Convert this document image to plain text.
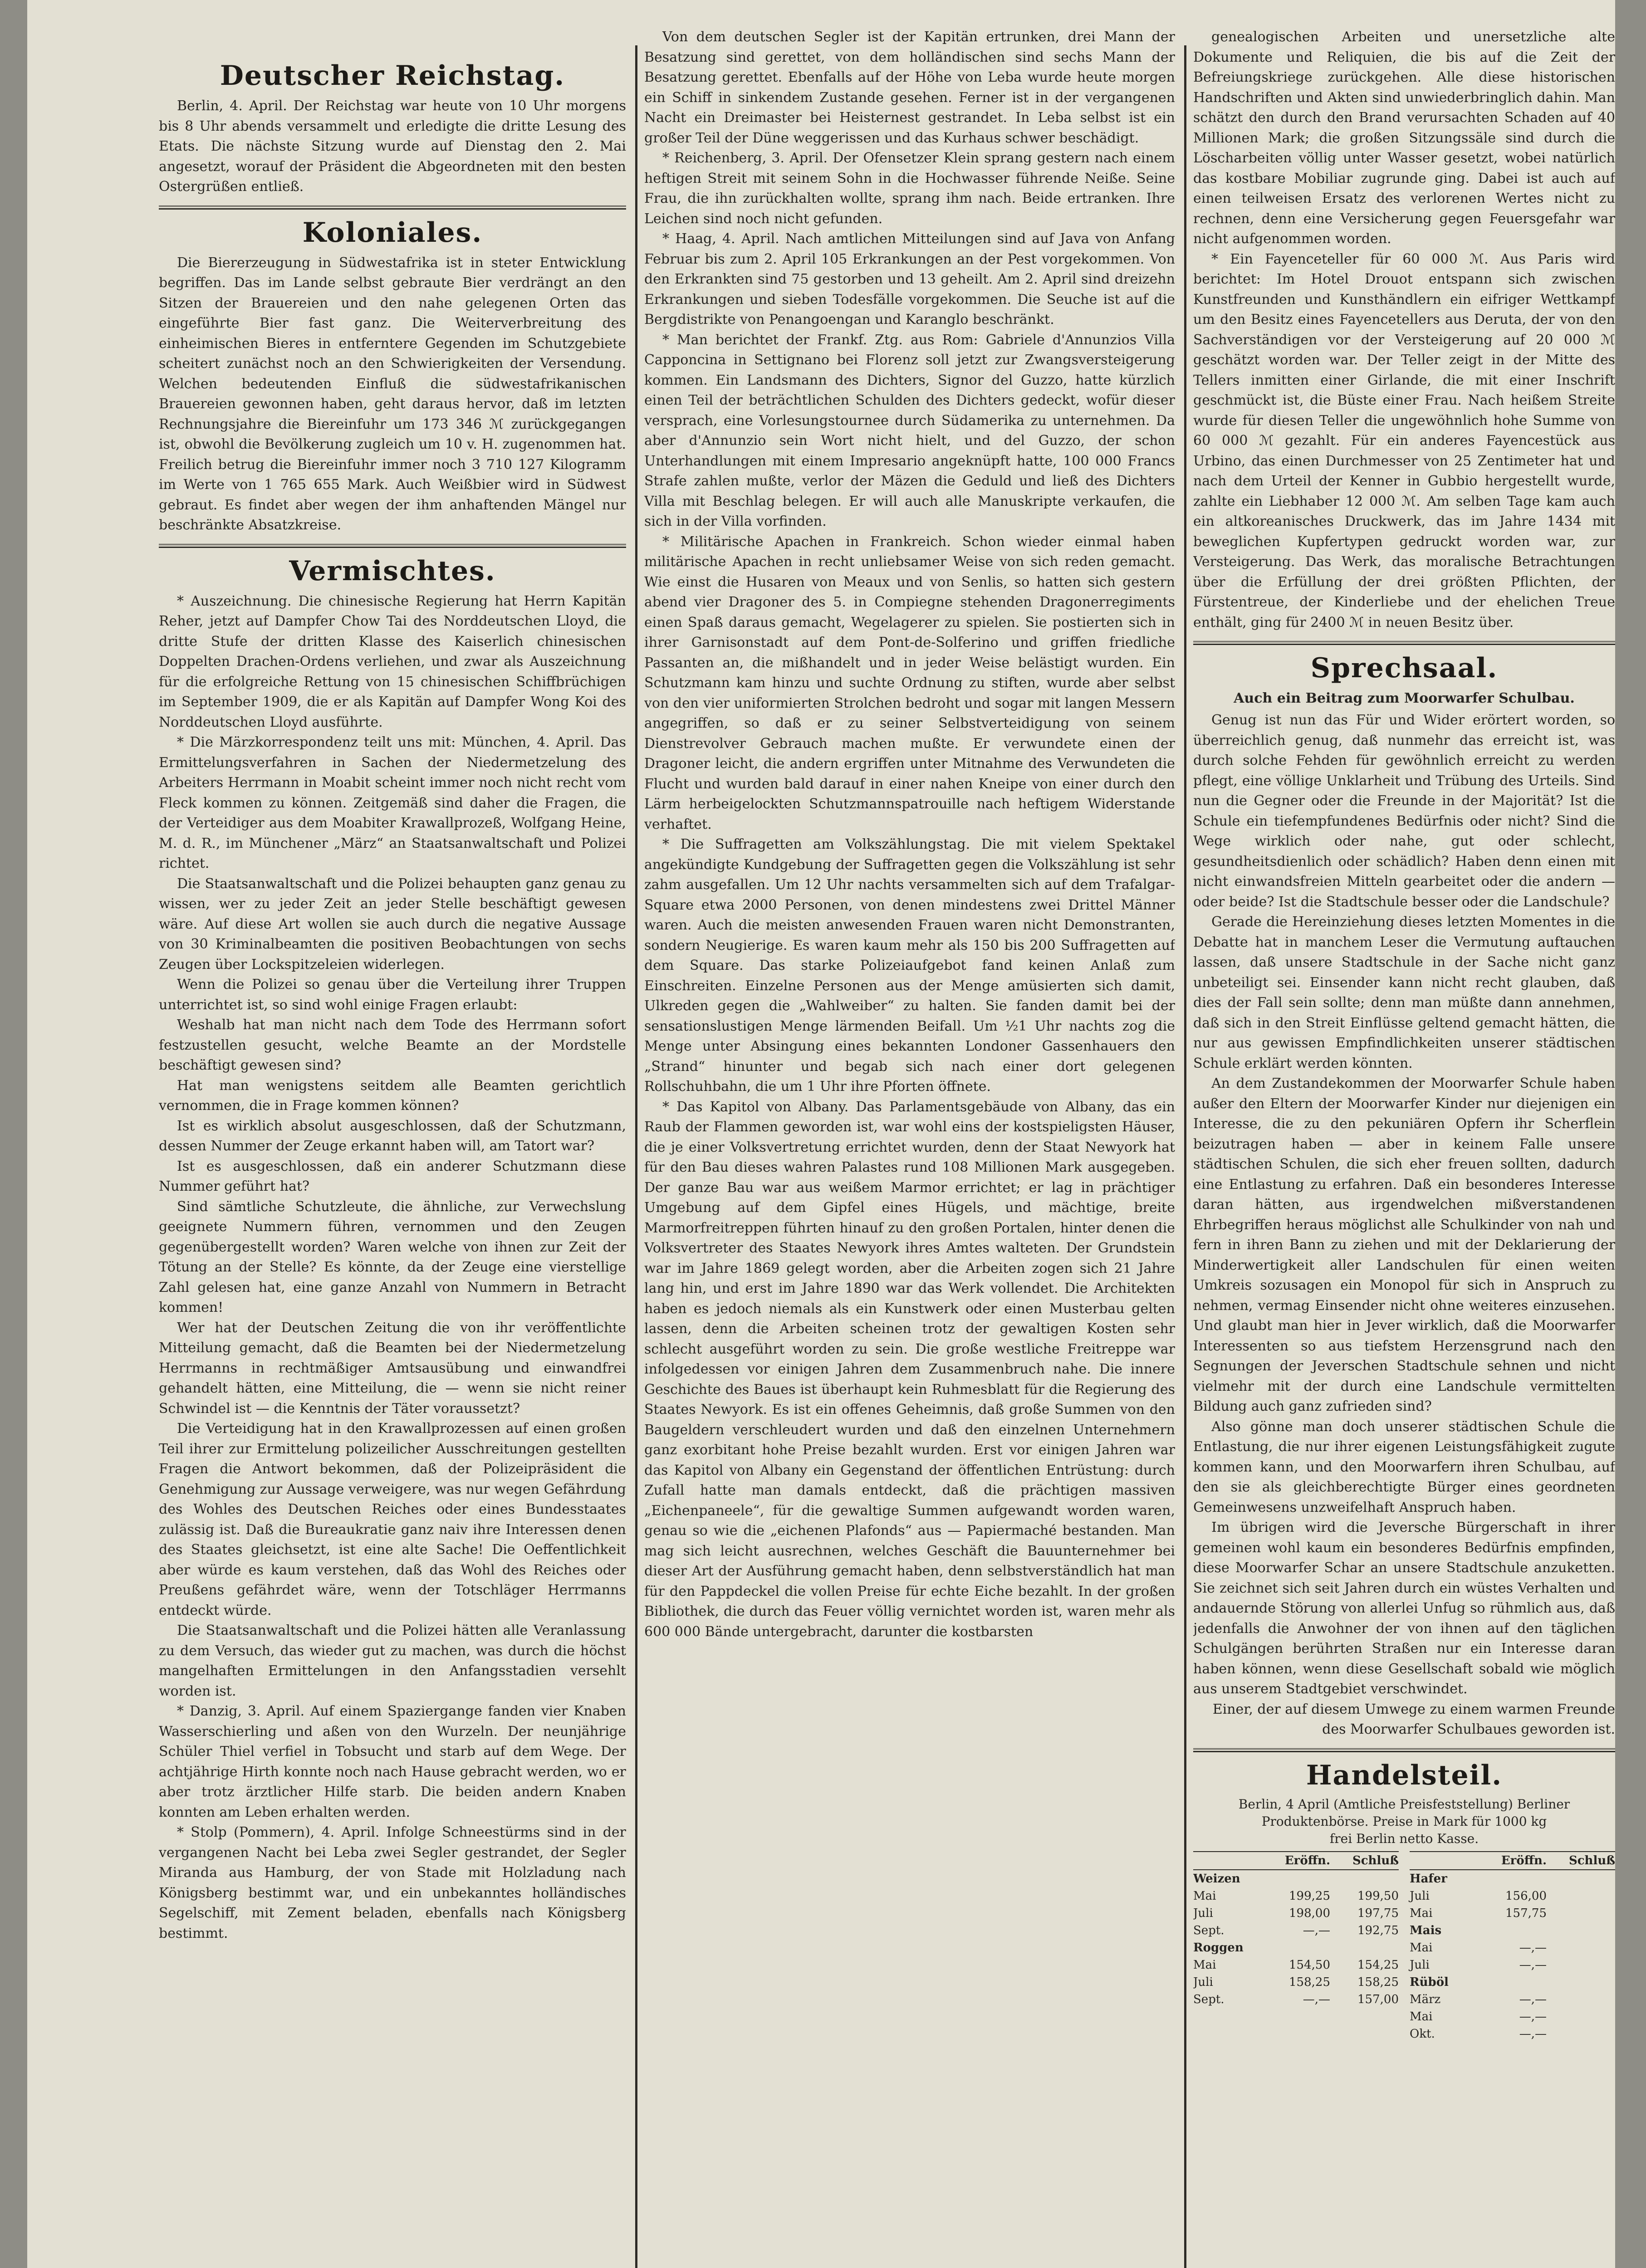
Deutscher Reichstag.

Berlin, 4. April. Der Reichstag war heute von 10 Uhr morgens bis 8 Uhr abends versammelt und erledigte die dritte Lesung des Etats. Die nächste Sitzung wurde auf Dienstag den 2. Mai angesetzt, worauf der Präsident die Abgeordneten mit den besten Ostergrüßen entließ.

Koloniales.

Die Biererzeugung in Südwestafrika ist in steter Entwicklung begriffen. Das im Lande selbst gebraute Bier verdrängt an den Sitzen der Brauereien und den nahe gelegenen Orten das eingeführte Bier fast ganz. Die Weiterverbreitung des einheimischen Bieres in entferntere Gegenden im Schutzgebiete scheitert zunächst noch an den Schwierigkeiten der Versendung. Welchen bedeutenden Einfluß die südwestafrikanischen Brauereien gewonnen haben, geht daraus hervor, daß im letzten Rechnungsjahre die Biereinfuhr um 173 346 ℳ zurückgegangen ist, obwohl die Bevölkerung zugleich um 10 v. H. zugenommen hat. Freilich betrug die Biereinfuhr immer noch 3 710 127 Kilogramm im Werte von 1 765 655 Mark. Auch Weißbier wird in Südwest gebraut. Es findet aber wegen der ihm anhaftenden Mängel nur beschränkte Absatzkreise.

Vermischtes.

* Auszeichnung. Die chinesische Regierung hat Herrn Kapitän Reher, jetzt auf Dampfer Chow Tai des Norddeutschen Lloyd, die dritte Stufe der dritten Klasse des Kaiserlich chinesischen Doppelten Drachen-Ordens verliehen, und zwar als Auszeichnung für die erfolgreiche Rettung von 15 chinesischen Schiffbrüchigen im September 1909, die er als Kapitän auf Dampfer Wong Koi des Norddeutschen Lloyd ausführte.

* Die Märzkorrespondenz teilt uns mit: München, 4. April. Das Ermittelungsverfahren in Sachen der Niedermetzelung des Arbeiters Herrmann in Moabit scheint immer noch nicht recht vom Fleck kommen zu können. Zeitgemäß sind daher die Fragen, die der Verteidiger aus dem Moabiter Krawallprozeß, Wolfgang Heine, M. d. R., im Münchener „März“ an Staatsanwaltschaft und Polizei richtet.

Die Staatsanwaltschaft und die Polizei behaupten ganz genau zu wissen, wer zu jeder Zeit an jeder Stelle beschäftigt gewesen wäre. Auf diese Art wollen sie auch durch die negative Aussage von 30 Kriminalbeamten die positiven Beobachtungen von sechs Zeugen über Lockspitzeleien widerlegen.

Wenn die Polizei so genau über die Verteilung ihrer Truppen unterrichtet ist, so sind wohl einige Fragen erlaubt:

Weshalb hat man nicht nach dem Tode des Herrmann sofort festzustellen gesucht, welche Beamte an der Mordstelle beschäftigt gewesen sind?

Hat man wenigstens seitdem alle Beamten gerichtlich vernommen, die in Frage kommen können?

Ist es wirklich absolut ausgeschlossen, daß der Schutzmann, dessen Nummer der Zeuge erkannt haben will, am Tatort war?

Ist es ausgeschlossen, daß ein anderer Schutzmann diese Nummer geführt hat?

Sind sämtliche Schutzleute, die ähnliche, zur Verwechslung geeignete Nummern führen, vernommen und den Zeugen gegenübergestellt worden? Waren welche von ihnen zur Zeit der Tötung an der Stelle? Es könnte, da der Zeuge eine vierstellige Zahl gelesen hat, eine ganze Anzahl von Nummern in Betracht kommen!

Wer hat der Deutschen Zeitung die von ihr veröffentlichte Mitteilung gemacht, daß die Beamten bei der Niedermetzelung Herrmanns in rechtmäßiger Amtsausübung und einwandfrei gehandelt hätten, eine Mitteilung, die — wenn sie nicht reiner Schwindel ist — die Kenntnis der Täter voraussetzt?

Die Verteidigung hat in den Krawallprozessen auf einen großen Teil ihrer zur Ermittelung polizeilicher Ausschreitungen gestellten Fragen die Antwort bekommen, daß der Polizeipräsident die Genehmigung zur Aussage verweigere, was nur wegen Gefährdung des Wohles des Deutschen Reiches oder eines Bundesstaates zulässig ist. Daß die Bureaukratie ganz naiv ihre Interessen denen des Staates gleichsetzt, ist eine alte Sache! Die Oeffentlichkeit aber würde es kaum verstehen, daß das Wohl des Reiches oder Preußens gefährdet wäre, wenn der Totschläger Herrmanns entdeckt würde.

Die Staatsanwaltschaft und die Polizei hätten alle Veranlassung zu dem Versuch, das wieder gut zu machen, was durch die höchst mangelhaften Ermittelungen in den Anfangsstadien versehlt worden ist.

* Danzig, 3. April. Auf einem Spaziergange fanden vier Knaben Wasserschierling und aßen von den Wurzeln. Der neunjährige Schüler Thiel verfiel in Tobsucht und starb auf dem Wege. Der achtjährige Hirth konnte noch nach Hause gebracht werden, wo er aber trotz ärztlicher Hilfe starb. Die beiden andern Knaben konnten am Leben erhalten werden.

* Stolp (Pommern), 4. April. Infolge Schneestürms sind in der vergangenen Nacht bei Leba zwei Segler gestrandet, der Segler Miranda aus Hamburg, der von Stade mit Holzladung nach Königsberg bestimmt war, und ein unbekanntes holländisches Segelschiff, mit Zement beladen, ebenfalls nach Königsberg bestimmt.

Von dem deutschen Segler ist der Kapitän ertrunken, drei Mann der Besatzung sind gerettet, von dem holländischen sind sechs Mann der Besatzung gerettet. Ebenfalls auf der Höhe von Leba wurde heute morgen ein Schiff in sinkendem Zustande gesehen. Ferner ist in der vergangenen Nacht ein Dreimaster bei Heisternest gestrandet. In Leba selbst ist ein großer Teil der Düne weggerissen und das Kurhaus schwer beschädigt.

* Reichenberg, 3. April. Der Ofensetzer Klein sprang gestern nach einem heftigen Streit mit seinem Sohn in die Hochwasser führende Neiße. Seine Frau, die ihn zurückhalten wollte, sprang ihm nach. Beide ertranken. Ihre Leichen sind noch nicht gefunden.

* Haag, 4. April. Nach amtlichen Mitteilungen sind auf Java von Anfang Februar bis zum 2. April 105 Erkrankungen an der Pest vorgekommen. Von den Erkrankten sind 75 gestorben und 13 geheilt. Am 2. April sind dreizehn Erkrankungen und sieben Todesfälle vorgekommen. Die Seuche ist auf die Bergdistrikte von Penangoengan und Karanglo beschränkt.

* Man berichtet der Frankf. Ztg. aus Rom: Gabriele d'Annunzios Villa Capponcina in Settignano bei Florenz soll jetzt zur Zwangsversteigerung kommen. Ein Landsmann des Dichters, Signor del Guzzo, hatte kürzlich einen Teil der beträchtlichen Schulden des Dichters gedeckt, wofür dieser versprach, eine Vorlesungstournee durch Südamerika zu unternehmen. Da aber d'Annunzio sein Wort nicht hielt, und del Guzzo, der schon Unterhandlungen mit einem Impresario angeknüpft hatte, 100 000 Francs Strafe zahlen mußte, verlor der Mäzen die Geduld und ließ des Dichters Villa mit Beschlag belegen. Er will auch alle Manuskripte verkaufen, die sich in der Villa vorfinden.

* Militärische Apachen in Frankreich. Schon wieder einmal haben militärische Apachen in recht unliebsamer Weise von sich reden gemacht. Wie einst die Husaren von Meaux und von Senlis, so hatten sich gestern abend vier Dragoner des 5. in Compiegne stehenden Dragonerregiments einen Spaß daraus gemacht, Wegelagerer zu spielen. Sie postierten sich in ihrer Garnisonstadt auf dem Pont-de-Solferino und griffen friedliche Passanten an, die mißhandelt und in jeder Weise belästigt wurden. Ein Schutzmann kam hinzu und suchte Ordnung zu stiften, wurde aber selbst von den vier uniformierten Strolchen bedroht und sogar mit langen Messern angegriffen, so daß er zu seiner Selbstverteidigung von seinem Dienstrevolver Gebrauch machen mußte. Er verwundete einen der Dragoner leicht, die andern ergriffen unter Mitnahme des Verwundeten die Flucht und wurden bald darauf in einer nahen Kneipe von einer durch den Lärm herbeigelockten Schutzmannspatrouille nach heftigem Widerstande verhaftet.

* Die Suffragetten am Volkszählungstag. Die mit vielem Spektakel angekündigte Kundgebung der Suffragetten gegen die Volkszählung ist sehr zahm ausgefallen. Um 12 Uhr nachts versammelten sich auf dem Trafalgar-Square etwa 2000 Personen, von denen mindestens zwei Drittel Männer waren. Auch die meisten anwesenden Frauen waren nicht Demonstranten, sondern Neugierige. Es waren kaum mehr als 150 bis 200 Suffragetten auf dem Square. Das starke Polizeiaufgebot fand keinen Anlaß zum Einschreiten. Einzelne Personen aus der Menge amüsierten sich damit, Ulkreden gegen die „Wahlweiber“ zu halten. Sie fanden damit bei der sensationslustigen Menge lärmenden Beifall. Um ½1 Uhr nachts zog die Menge unter Absingung eines bekannten Londoner Gassenhauers den „Strand“ hinunter und begab sich nach einer dort gelegenen Rollschuhbahn, die um 1 Uhr ihre Pforten öffnete.

* Das Kapitol von Albany. Das Parlamentsgebäude von Albany, das ein Raub der Flammen geworden ist, war wohl eins der kostspieligsten Häuser, die je einer Volksvertretung errichtet wurden, denn der Staat Newyork hat für den Bau dieses wahren Palastes rund 108 Millionen Mark ausgegeben. Der ganze Bau war aus weißem Marmor errichtet; er lag in prächtiger Umgebung auf dem Gipfel eines Hügels, und mächtige, breite Marmorfreitreppen führten hinauf zu den großen Portalen, hinter denen die Volksvertreter des Staates Newyork ihres Amtes walteten. Der Grundstein war im Jahre 1869 gelegt worden, aber die Arbeiten zogen sich 21 Jahre lang hin, und erst im Jahre 1890 war das Werk vollendet. Die Architekten haben es jedoch niemals als ein Kunstwerk oder einen Musterbau gelten lassen, denn die Arbeiten scheinen trotz der gewaltigen Kosten sehr schlecht ausgeführt worden zu sein. Die große westliche Freitreppe war infolgedessen vor einigen Jahren dem Zusammenbruch nahe. Die innere Geschichte des Baues ist überhaupt kein Ruhmesblatt für die Regierung des Staates Newyork. Es ist ein offenes Geheimnis, daß große Summen von den Baugeldern verschleudert wurden und daß den einzelnen Unternehmern ganz exorbitant hohe Preise bezahlt wurden. Erst vor einigen Jahren war das Kapitol von Albany ein Gegenstand der öffentlichen Entrüstung: durch Zufall hatte man damals entdeckt, daß die prächtigen massiven „Eichenpaneele“, für die gewaltige Summen aufgewandt worden waren, genau so wie die „eichenen Plafonds“ aus — Papiermaché bestanden. Man mag sich leicht ausrechnen, welches Geschäft die Bauunternehmer bei dieser Art der Ausführung gemacht haben, denn selbstverständlich hat man für den Pappdeckel die vollen Preise für echte Eiche bezahlt. In der großen Bibliothek, die durch das Feuer völlig vernichtet worden ist, waren mehr als 600 000 Bände untergebracht, darunter die kostbarsten

genealogischen Arbeiten und unersetzliche alte Dokumente und Reliquien, die bis auf die Zeit der Befreiungskriege zurückgehen. Alle diese historischen Handschriften und Akten sind unwiederbringlich dahin. Man schätzt den durch den Brand verursachten Schaden auf 40 Millionen Mark; die großen Sitzungssäle sind durch die Löscharbeiten völlig unter Wasser gesetzt, wobei natürlich das kostbare Mobiliar zugrunde ging. Dabei ist auch auf einen teilweisen Ersatz des verlorenen Wertes nicht zu rechnen, denn eine Versicherung gegen Feuersgefahr war nicht aufgenommen worden.

* Ein Fayenceteller für 60 000 ℳ. Aus Paris wird berichtet: Im Hotel Drouot entspann sich zwischen Kunstfreunden und Kunsthändlern ein eifriger Wettkampf um den Besitz eines Fayencetellers aus Deruta, der von den Sachverständigen vor der Versteigerung auf 20 000 ℳ geschätzt worden war. Der Teller zeigt in der Mitte des Tellers inmitten einer Girlande, die mit einer Inschrift geschmückt ist, die Büste einer Frau. Nach heißem Streite wurde für diesen Teller die ungewöhnlich hohe Summe von 60 000 ℳ gezahlt. Für ein anderes Fayencestück aus Urbino, das einen Durchmesser von 25 Zentimeter hat und nach dem Urteil der Kenner in Gubbio hergestellt wurde, zahlte ein Liebhaber 12 000 ℳ. Am selben Tage kam auch ein altkoreanisches Druckwerk, das im Jahre 1434 mit beweglichen Kupfertypen gedruckt worden war, zur Versteigerung. Das Werk, das moralische Betrachtungen über die Erfüllung der drei größten Pflichten, der Fürstentreue, der Kinderliebe und der ehelichen Treue enthält, ging für 2400 ℳ in neuen Besitz über.

Sprechsaal.
Auch ein Beitrag zum Moorwarfer Schulbau.

Genug ist nun das Für und Wider erörtert worden, so überreichlich genug, daß nunmehr das erreicht ist, was durch solche Fehden für gewöhnlich erreicht zu werden pflegt, eine völlige Unklarheit und Trübung des Urteils. Sind nun die Gegner oder die Freunde in der Majorität? Ist die Schule ein tiefempfundenes Bedürfnis oder nicht? Sind die Wege wirklich oder nahe, gut oder schlecht, gesundheitsdienlich oder schädlich? Haben denn einen mit nicht einwandsfreien Mitteln gearbeitet oder die andern — oder beide? Ist die Stadtschule besser oder die Landschule?

Gerade die Hereinziehung dieses letzten Momentes in die Debatte hat in manchem Leser die Vermutung auftauchen lassen, daß unsere Stadtschule in der Sache nicht ganz unbeteiligt sei. Einsender kann nicht recht glauben, daß dies der Fall sein sollte; denn man müßte dann annehmen, daß sich in den Streit Einflüsse geltend gemacht hätten, die nur aus gewissen Empfindlichkeiten unserer städtischen Schule erklärt werden könnten.

An dem Zustandekommen der Moorwarfer Schule haben außer den Eltern der Moorwarfer Kinder nur diejenigen ein Interesse, die zu den pekuniären Opfern ihr Scherflein beizutragen haben — aber in keinem Falle unsere städtischen Schulen, die sich eher freuen sollten, dadurch eine Entlastung zu erfahren. Daß ein besonderes Interesse daran hätten, aus irgendwelchen mißverstandenen Ehrbegriffen heraus möglichst alle Schulkinder von nah und fern in ihren Bann zu ziehen und mit der Deklarierung der Minderwertigkeit aller Landschulen für einen weiten Umkreis sozusagen ein Monopol für sich in Anspruch zu nehmen, vermag Einsender nicht ohne weiteres einzusehen. Und glaubt man hier in Jever wirklich, daß die Moorwarfer Interessenten so aus tiefstem Herzensgrund nach den Segnungen der Jeverschen Stadtschule sehnen und nicht vielmehr mit der durch eine Landschule vermittelten Bildung auch ganz zufrieden sind?

Also gönne man doch unserer städtischen Schule die Entlastung, die nur ihrer eigenen Leistungsfähigkeit zugute kommen kann, und den Moorwarfern ihren Schulbau, auf den sie als gleichberechtigte Bürger eines geordneten Gemeinwesens unzweifelhaft Anspruch haben.

Im übrigen wird die Jeversche Bürgerschaft in ihrer gemeinen wohl kaum ein besonderes Bedürfnis empfinden, diese Moorwarfer Schar an unsere Stadtschule anzuketten. Sie zeichnet sich seit Jahren durch ein wüstes Verhalten und andauernde Störung von allerlei Unfug so rühmlich aus, daß jedenfalls die Anwohner der von ihnen auf den täglichen Schulgängen berührten Straßen nur ein Interesse daran haben können, wenn diese Gesellschaft sobald wie möglich aus unserem Stadtgebiet verschwindet.

Einer, der auf diesem Umwege zu einem warmen Freunde des Moorwarfer Schulbaues geworden ist.

Handelsteil.
Berlin, 4 April (Amtliche Preisfeststellung) Berliner Produktenbörse. Preise in Mark für 1000 kg
frei Berlin netto Kasse.
Eröffn.	Schluß
Weizen
Mai	199,25	199,50
Juli	198,00	197,75
Sept.	—,—	192,75
Roggen
Mai	154,50	154,25
Juli	158,25	158,25
Sept.	—,—	157,00
Eröffn.	Schluß
Hafer
Juli	156,00
Mai	157,75
Mais
Mai	—,—
Juli	—,—
Rüböl
März	—,—
Mai	—,—
Okt.	—,—
